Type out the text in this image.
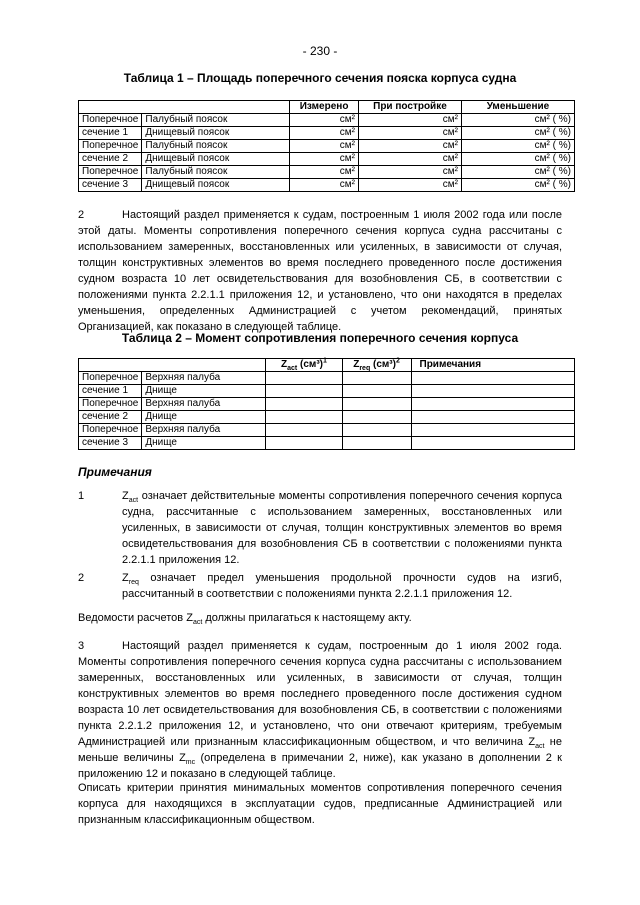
- 230 -
Таблица 1 – Площадь поперечного сечения пояска корпуса судна
		Измерено	При постройке	Уменьшение
Поперечное	Палубный поясок	см²	см²	см² ( %)
сечение 1	Днищевый поясок	см²	см²	см² ( %)
Поперечное	Палубный поясок	см²	см²	см² ( %)
сечение 2	Днищевый поясок	см²	см²	см² ( %)
Поперечное	Палубный поясок	см²	см²	см² ( %)
сечение 3	Днищевый поясок	см²	см²	см² ( %)
2	Настоящий раздел применяется к судам, построенным 1 июля 2002 года или после этой даты. Моменты сопротивления поперечного сечения корпуса судна рассчитаны с использованием замеренных, восстановленных или усиленных, в зависимости от случая, толщин конструктивных элементов во время последнего проведенного после достижения судном возраста 10 лет освидетельствования для возобновления СБ, в соответствии с положениями пункта 2.2.1.1 приложения 12, и установлено, что они находятся в пределах уменьшения, определенных Администрацией с учетом рекомендаций, принятых Организацией, как показано в следующей таблице.
Таблица 2 – Момент сопротивления поперечного сечения корпуса
		$Z_{act}$ $(см^3)^1$	$Z_{req}$ $(см^3)^2$	Примечания
Поперечное	Верхняя палуба			
сечение 1	Днище			
Поперечное	Верхняя палуба			
сечение 2	Днище			
Поперечное	Верхняя палуба			
сечение 3	Днище			
Примечания
1	$Z_{act}$ означает действительные моменты сопротивления поперечного сечения корпуса судна, рассчитанные с использованием замеренных, восстановленных или усиленных, в зависимости от случая, толщин конструктивных элементов во время освидетельствования для возобновления СБ в соответствии с положениями пункта 2.2.1.1 приложения 12.
2	$Z_{req}$ означает предел уменьшения продольной прочности судов на изгиб, рассчитанный в соответствии с положениями пункта 2.2.1.1 приложения 12.
Ведомости расчетов $Z_{act}$ должны прилагаться к настоящему акту.
3	Настоящий раздел применяется к судам, построенным до 1 июля 2002 года. Моменты сопротивления поперечного сечения корпуса судна рассчитаны с использованием замеренных, восстановленных или усиленных, в зависимости от случая, толщин конструктивных элементов во время последнего проведенного после достижения судном возраста 10 лет освидетельствования для возобновления СБ, в соответствии с положениями пункта 2.2.1.2 приложения 12, и установлено, что они отвечают критериям, требуемым Администрацией или признанным классификационным обществом, и что величина $Z_{act}$ не меньше величины $Z_{mc}$ (определена в примечании 2, ниже), как указано в дополнении 2 к приложению 12 и показано в следующей таблице.
Описать критерии принятия минимальных моментов сопротивления поперечного сечения корпуса для находящихся в эксплуатации судов, предписанные Администрацией или признанным классификационным обществом.
